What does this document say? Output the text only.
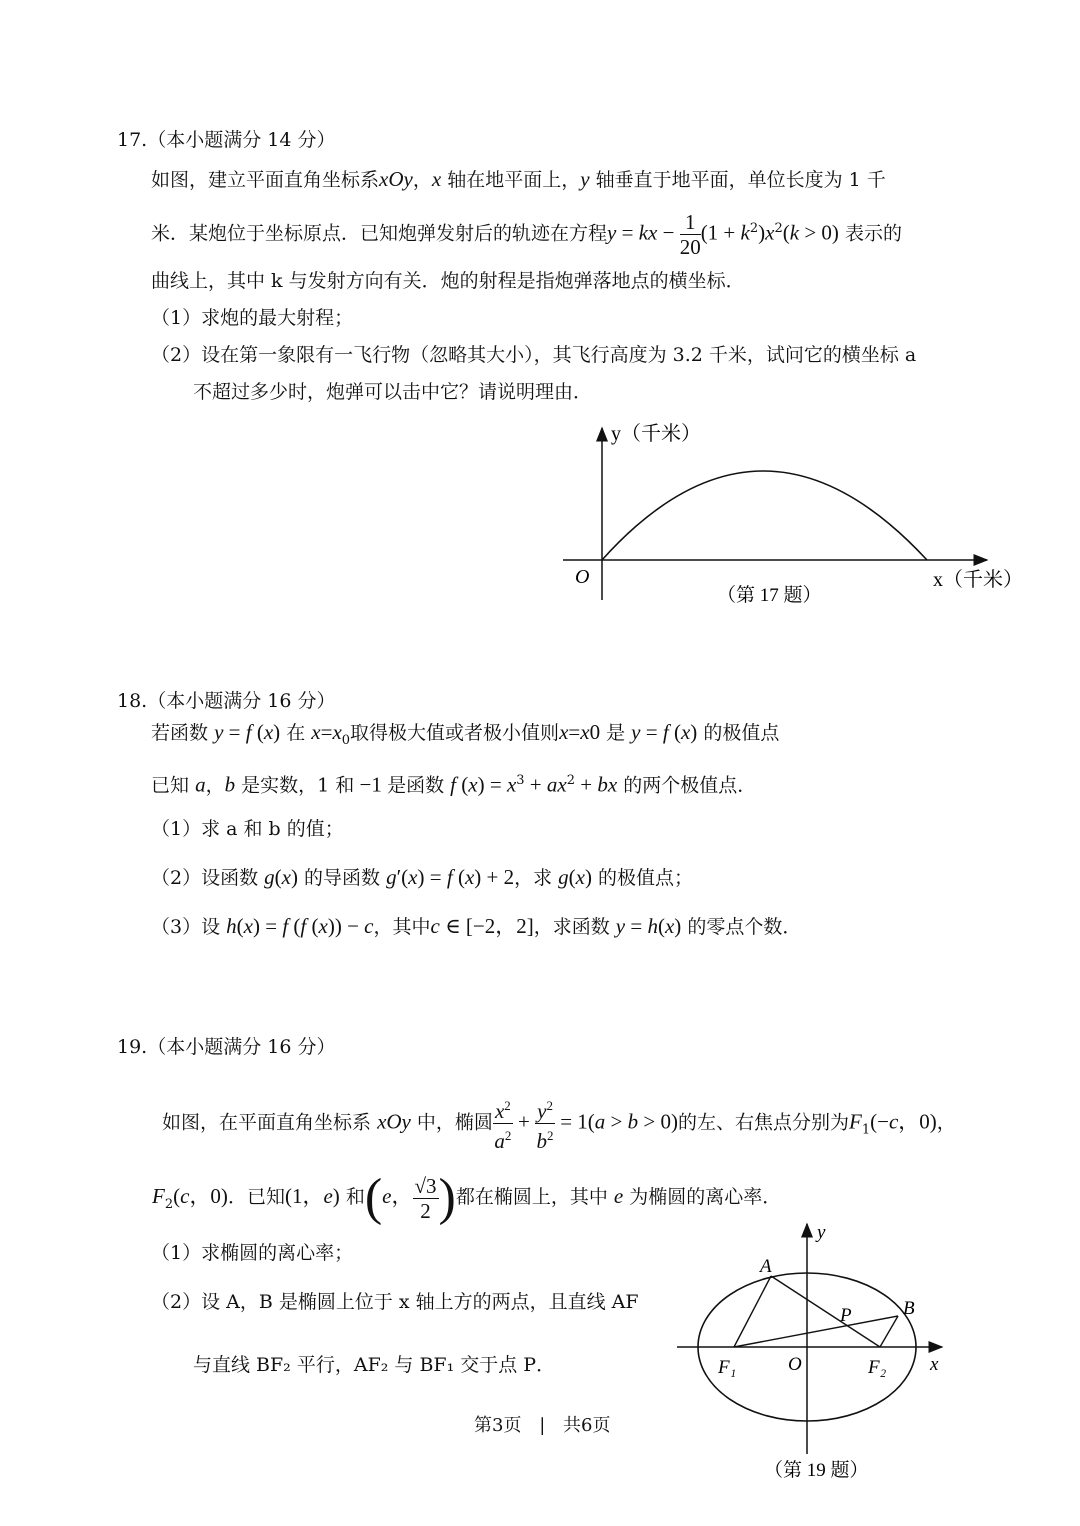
17.（本小题满分 14 分）
如图，建立平面直角坐标系xOy，x 轴在地平面上，y 轴垂直于地平面，单位长度为 1 千
米．某炮位于坐标原点．已知炮弹发射后的轨迹在方程y = kx − $\frac{1}{20} (1 + k^2)x^2(k > 0)$ 表示的
曲线上，其中 k 与发射方向有关．炮的射程是指炮弹落地点的横坐标．
（1）求炮的最大射程；
（2）设在第一象限有一飞行物（忽略其大小），其飞行高度为 3.2 千米，试问它的横坐标 a
不超过多少时，炮弹可以击中它？请说明理由．
y（千米）
O	x（千米）
（第 17 题）
18.（本小题满分 16 分）
若函数 y = f (x) 在 $x=x_0$取得极大值或者极小值则x=x0 是 y = f (x) 的极值点
已知 a，b 是实数，1 和 −1 是函数 f $(x) = x^3 + ax^2$ + bx 的两个极值点．
（1）求 a 和 b 的值；
（2）设函数 g(x) 的导函数 g′(x) = f (x) + 2，求 g(x) 的极值点；
（3）设 h(x) = f (f (x)) − c，其中c ∈ [−2，2]，求函数 y = h(x) 的零点个数．
19.（本小题满分 16 分）
如图，在平面直角坐标系 xOy 中，椭圆 $\frac{x^2}{a^2} + \frac{y^2}{b^2} = 1(a > b > 0)$的左、右焦点分别为$F_1(-c$，0)，
$F_2(c$，0)．已知(1，e) 和(e， $\frac{√3}{2}$ )都在椭圆上，其中 e 为椭圆的离心率．
（1）求椭圆的离心率；
（2）设 A，B 是椭圆上位于 x 轴上方的两点，且直线 AF
与直线 BF₂ 平行，AF₂ 与 BF₁ 交于点 P．
A
B
P
O
F₁	F₂ x
y
（第 19 题）
第3页 | 共6页
